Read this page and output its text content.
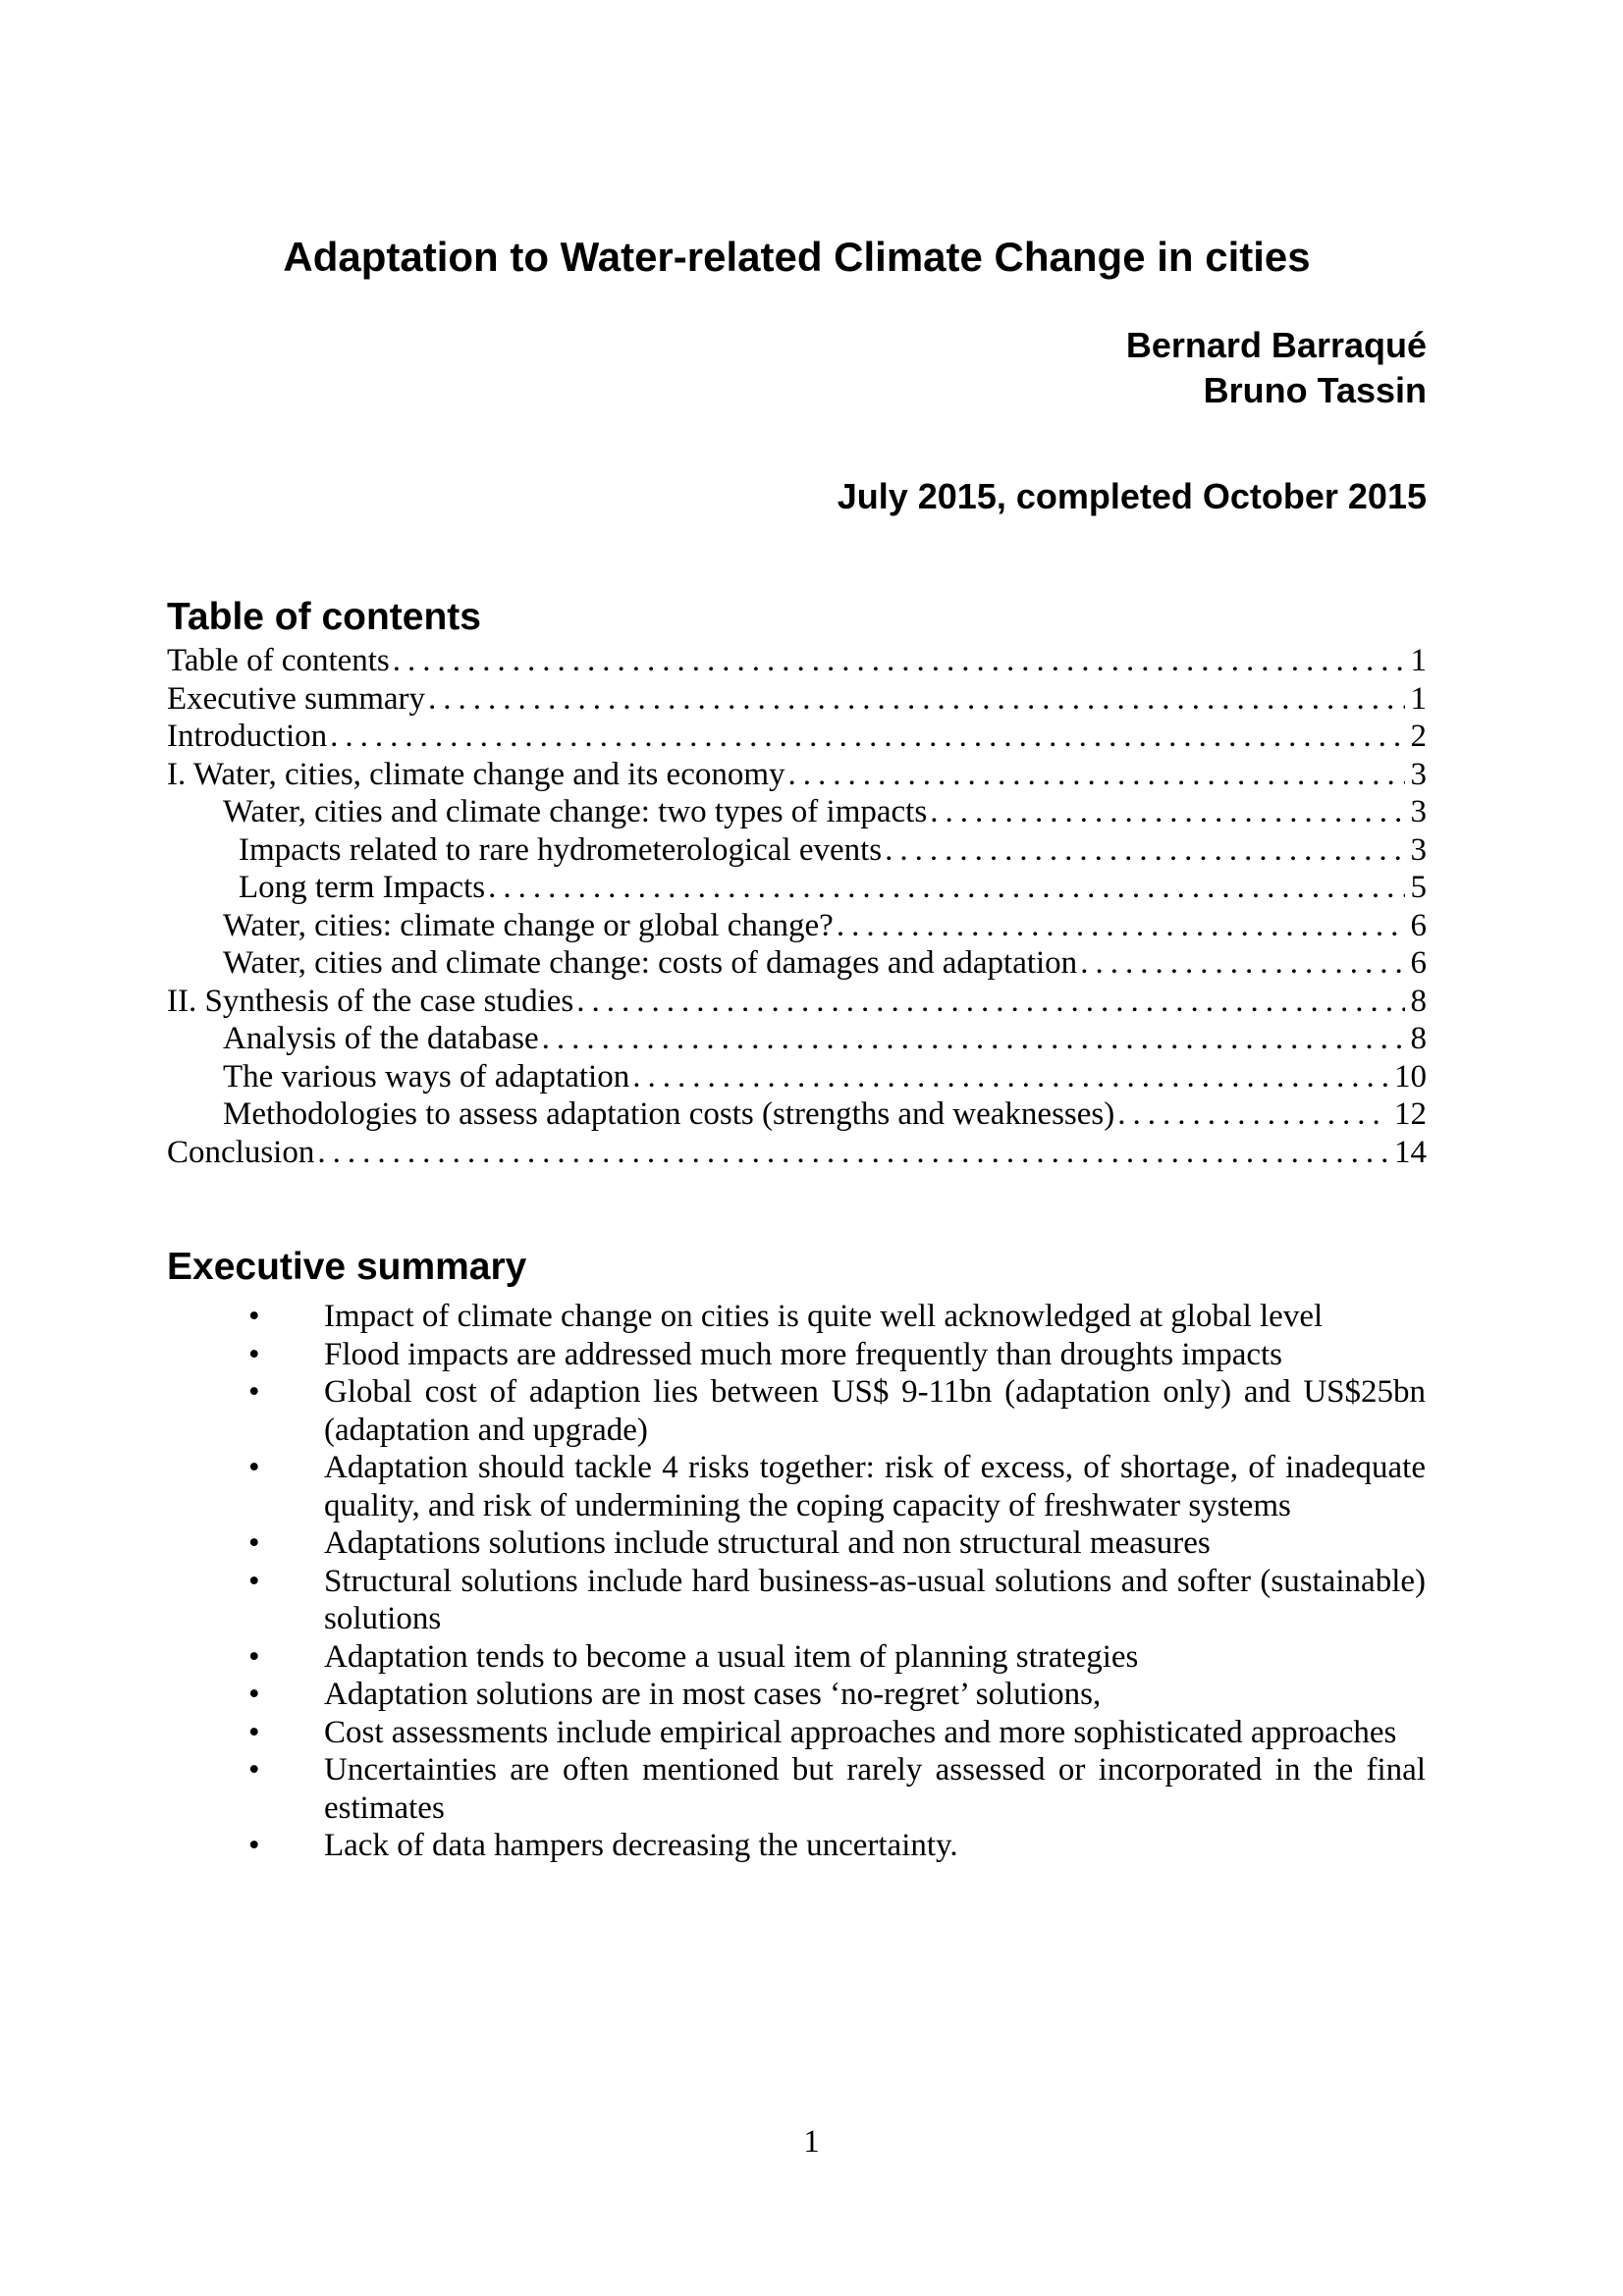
Adaptation to Water-related Climate Change in cities
Bernard Barraqué
Bruno Tassin
July 2015, completed October 2015
Table of contents
Table of contents .....	1
Executive summary .....	1
Introduction .....	2
I. Water, cities, climate change and its economy .....	3
Water, cities and climate change: two types of impacts .....	3
Impacts related to rare hydrometerological events .....	3
Long term Impacts .....	5
Water, cities: climate change or global change? .....	6
Water, cities and climate change: costs of damages and adaptation .....	6
II. Synthesis of the case studies .....	8
Analysis of the database .....	8
The various ways of adaptation .....	10
Methodologies to assess adaptation costs (strengths and weaknesses) .....	12
Conclusion .....	14
Executive summary
• Impact of climate change on cities is quite well acknowledged at global level
• Flood impacts are addressed much more frequently than droughts impacts
• Global cost of adaption lies between US$ 9-11bn (adaptation only) and US$25bn (adaptation and upgrade)
• Adaptation should tackle 4 risks together: risk of excess, of shortage, of inadequate quality, and risk of undermining the coping capacity of freshwater systems
• Adaptations solutions include structural and non structural measures
• Structural solutions include hard business-as-usual solutions and softer (sustainable) solutions
• Adaptation tends to become a usual item of planning strategies
• Adaptation solutions are in most cases ‘no-regret’ solutions,
• Cost assessments include empirical approaches and more sophisticated approaches
• Uncertainties are often mentioned but rarely assessed or incorporated in the final estimates
• Lack of data hampers decreasing the uncertainty.
1
